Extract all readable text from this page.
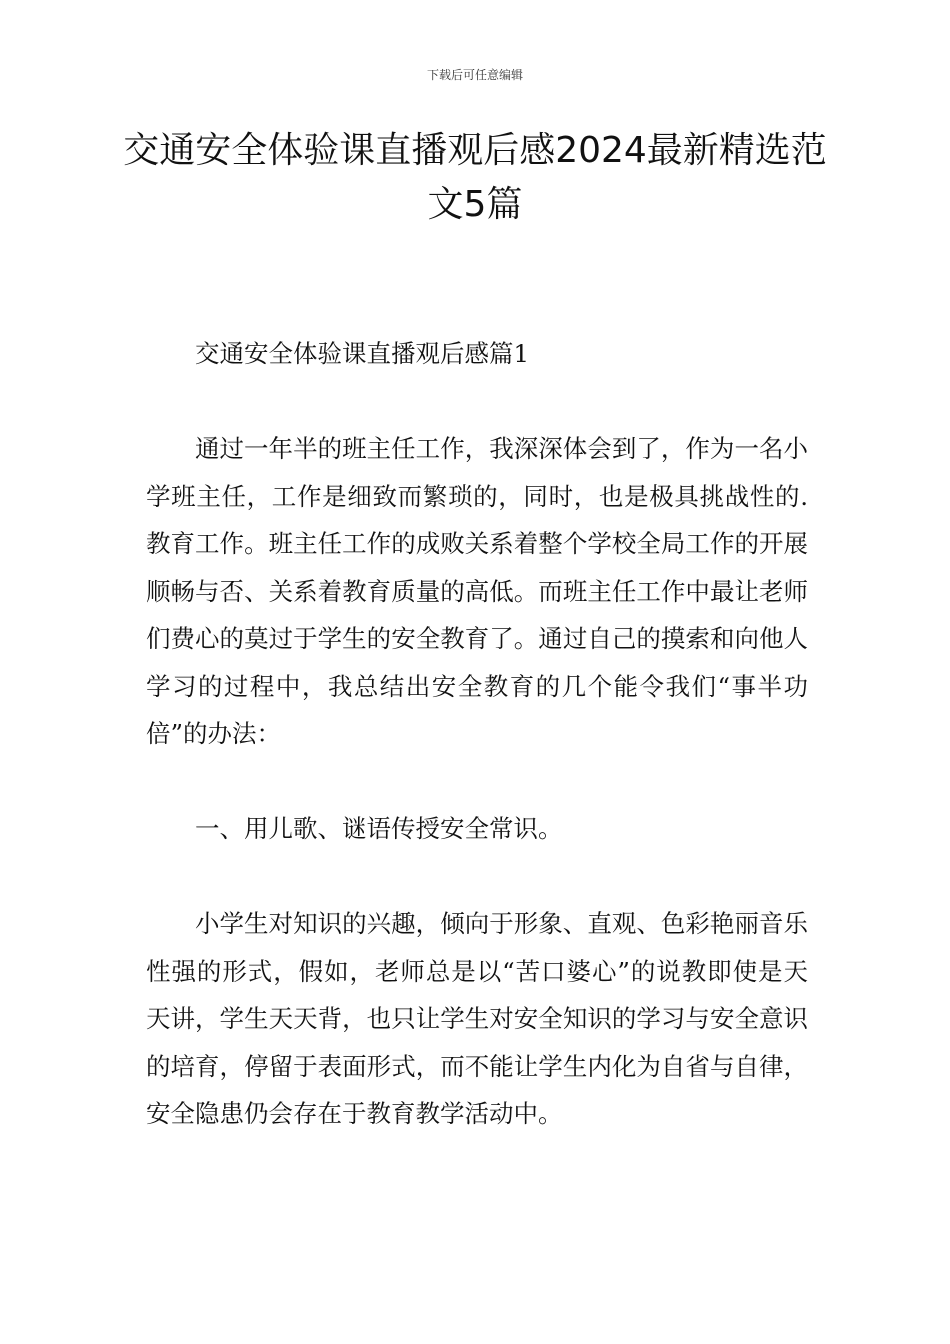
下载后可任意编辑
交通安全体验课直播观后感2024最新精选范文5篇

交通安全体验课直播观后感篇1

通过一年半的班主任工作，我深深体会到了，作为一名小学班主任，工作是细致而繁琐的，同时，也是极具挑战性的.教育工作。班主任工作的成败关系着整个学校全局工作的开展顺畅与否、关系着教育质量的高低。而班主任工作中最让老师们费心的莫过于学生的安全教育了。通过自己的摸索和向他人学习的过程中，我总结出安全教育的几个能令我们“事半功倍”的办法：

一、用儿歌、谜语传授安全常识。

小学生对知识的兴趣，倾向于形象、直观、色彩艳丽音乐性强的形式，假如，老师总是以“苦口婆心”的说教即使是天天讲，学生天天背，也只让学生对安全知识的学习与安全意识的培育，停留于表面形式，而不能让学生内化为自省与自律，安全隐患仍会存在于教育教学活动中。
